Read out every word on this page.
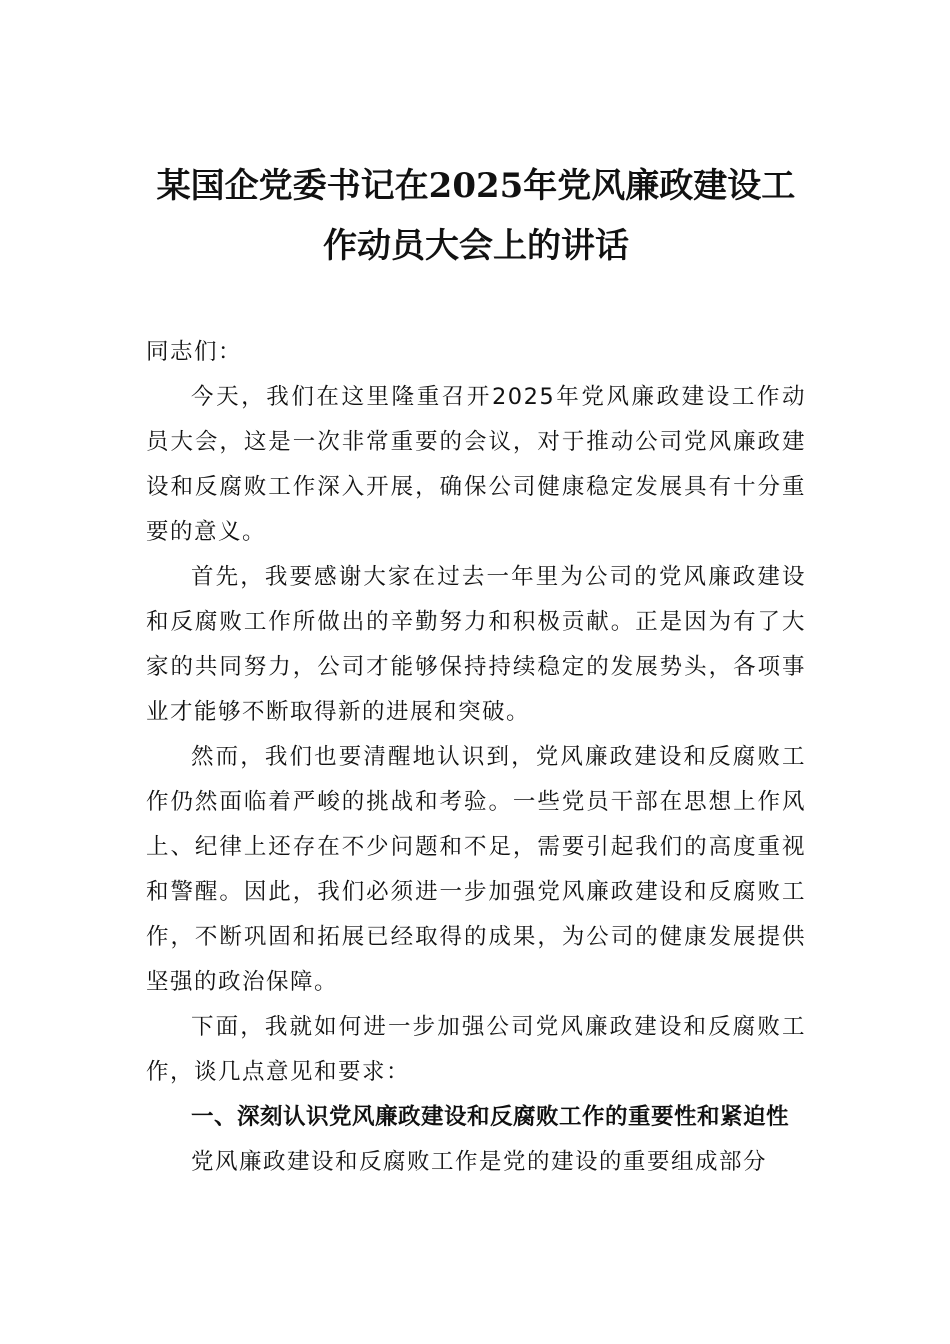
某国企党委书记在2025年党风廉政建设工
作动员大会上的讲话

同志们：

今天，我们在这里隆重召开2025年党风廉政建设工作动员大会，这是一次非常重要的会议，对于推动公司党风廉政建设和反腐败工作深入开展，确保公司健康稳定发展具有十分重要的意义。

首先，我要感谢大家在过去一年里为公司的党风廉政建设和反腐败工作所做出的辛勤努力和积极贡献。正是因为有了大家的共同努力，公司才能够保持持续稳定的发展势头，各项事业才能够不断取得新的进展和突破。

然而，我们也要清醒地认识到，党风廉政建设和反腐败工作仍然面临着严峻的挑战和考验。一些党员干部在思想上作风上、纪律上还存在不少问题和不足，需要引起我们的高度重视和警醒。因此，我们必须进一步加强党风廉政建设和反腐败工作，不断巩固和拓展已经取得的成果，为公司的健康发展提供坚强的政治保障。

下面，我就如何进一步加强公司党风廉政建设和反腐败工作，谈几点意见和要求：

一、深刻认识党风廉政建设和反腐败工作的重要性和紧迫性

党风廉政建设和反腐败工作是党的建设的重要组成部分
